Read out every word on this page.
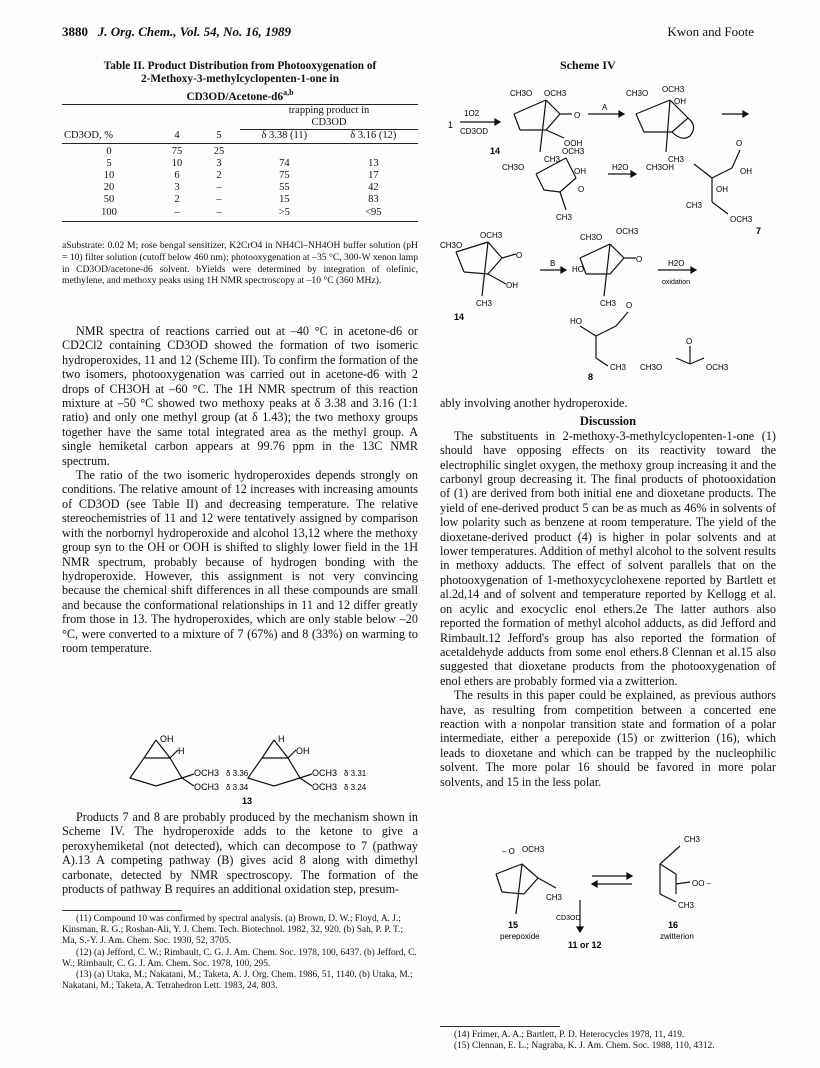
3880 J. Org. Chem., Vol. 54, No. 16, 1989	Kwon and Foote
Table II. Product Distribution from Photooxygenation of
2-Methoxy-3-methylcyclopenten-1-one in
CD3OD/Acetone-d6$^{a,b}$

			trapping product in
CD3OD	

CD3OD, %	4	5	δ 3.38 (11)	δ 3.16 (12)
0	75	25		
5	10	3	74	13
10	6	2	75	17
20	3	–	55	42
50	2	–	15	83
100	–	–	>5	<95
aSubstrate: 0.02 M; rose bengal sensitizer, K2CrO4 in NH4Cl–NH4OH buffer solution (pH = 10) filter solution (cutoff below 460 nm); photooxygenation at –35 °C, 300-W xenon lamp in CD3OD/acetone-d6 solvent. bYields were determined by integration of olefinic, methylene, and methoxy peaks using 1H NMR spectroscopy at –10 °C (360 MHz).

NMR spectra of reactions carried out at –40 °C in acetone-d6 or CD2Cl2 containing CD3OD showed the formation of two isomeric hydroperoxides, 11 and 12 (Scheme III). To confirm the formation of the two isomers, photooxygenation was carried out in acetone-d6 with 2 drops of CH3OH at –60 °C. The 1H NMR spectrum of this reaction mixture at –50 °C showed two methoxy peaks at δ 3.38 and 3.16 (1:1 ratio) and only one methyl group (at δ 1.43); the two methoxy groups together have the same total integrated area as the methyl group. A single hemiketal carbon appears at 99.76 ppm in the 13C NMR spectrum.

The ratio of the two isomeric hydroperoxides depends strongly on conditions. The relative amount of 12 increases with increasing amounts of CD3OD (see Table II) and decreasing temperature. The relative stereochemistries of 11 and 12 were tentatively assigned by comparison with the norbornyl hydroperoxide and alcohol 13,12 where the methoxy group syn to the OH or OOH is shifted to slighly lower field in the 1H NMR spectrum, probably because of hydrogen bonding with the hydroperoxide. However, this assignment is not very convincing because the chemical shift differences in all these compounds are small and because the conformational relationships in 11 and 12 differ greatly from those in 13. The hydroperoxides, which are only stable below –20 °C, were converted to a mixture of 7 (67%) and 8 (33%) on warming to room temperature.

OH
H
OCH3
OCH3
δ 3.36
δ 3.34
OH
H
OCH3
OCH3
δ 3.31
δ 3.24
13

Products 7 and 8 are probably produced by the mechanism shown in Scheme IV. The hydroperoxide adds to the ketone to give a peroxyhemiketal (not detected), which can decompose to 7 (pathway A).13 A competing pathway (B) gives acid 8 along with dimethyl carbonate, detected by NMR spectroscopy. The formation of the products of pathway B requires an additional oxidation step, presum-

(11) Compound 10 was confirmed by spectral analysis. (a) Brown, D. W.; Floyd, A. J.; Kinsman, R. G.; Roshan-Ali, Y. J. Chem. Tech. Biotechnol. 1982, 32, 920. (b) Sah, P. P. T.; Ma, S.-Y. J. Am. Chem. Soc. 1930, 52, 3705.
(12) (a) Jefford, C. W.; Rimbault, C. G. J. Am. Chem. Soc. 1978, 100, 6437. (b) Jefford, C. W.; Rimbault, C. G. J. Am. Chem. Soc. 1978, 100, 295.
(13) (a) Utaka, M.; Nakatani, M.; Taketa, A. J. Org. Chem. 1986, 51, 1140. (b) Utaka, M.; Nakatani, M.; Taketa, A. Tetrahedron Lett. 1983, 24, 803.
Scheme IV
1
1O2
CD3OD
CH3O OCH3
O
OOH
CH3
A
CH3O OCH3
OH
CH3
CH3O
OCH3
OH
O
CH3
H2O CH3OH
14
O
OH
OH
CH3
OCH3
7
CH3O
OCH3
O
OH
CH3
14
B
CH3O
OCH3
HO
O
CH3
H2O
oxidation
HO
O
CH3
8
CH3O	OCH3
O
ably involving another hydroperoxide.
Discussion

The substituents in 2-methoxy-3-methylcyclopenten-1-one (1) should have opposing effects on its reactivity toward the electrophilic singlet oxygen, the methoxy group increasing it and the carbonyl group decreasing it. The final products of photooxidation of (1) are derived from both initial ene and dioxetane products. The yield of ene-derived product 5 can be as much as 46% in solvents of low polarity such as benzene at room temperature. The yield of the dioxetane-derived product (4) is higher in polar solvents and at lower temperatures. Addition of methyl alcohol to the solvent results in methoxy adducts. The effect of solvent parallels that on the photooxygenation of 1-methoxycyclohexene reported by Bartlett et al.2d,14 and of solvent and temperature reported by Kellogg et al. on acylic and exocyclic enol ethers.2e The latter authors also reported the formation of methyl alcohol adducts, as did Jefford and Rimbault.12 Jefford's group has also reported the formation of acetaldehyde adducts from some enol ethers.8 Clennan et al.15 also suggested that dioxetane products from the photooxygenation of enol ethers are probably formed via a zwitterion.

The results in this paper could be explained, as previous authors have, as resulting from competition between a concerted ene reaction with a nonpolar transition state and formation of a polar intermediate, either a perepoxide (15) or zwitterion (16), which leads to dioxetane and which can be trapped by the nucleophilic solvent. The more polar 16 should be favored in more polar solvents, and 15 in the less polar.

– O OCH3
CH3
15
perepoxide
CH3
OO –
CH3
16
zwitterion
CD3OD
11 or 12
(14) Frimer, A. A.; Bartlett, P. D. Heterocycles 1978, 11, 419.
(15) Clennan, E. L.; Nagraba, K. J. Am. Chem. Soc. 1988, 110, 4312.
